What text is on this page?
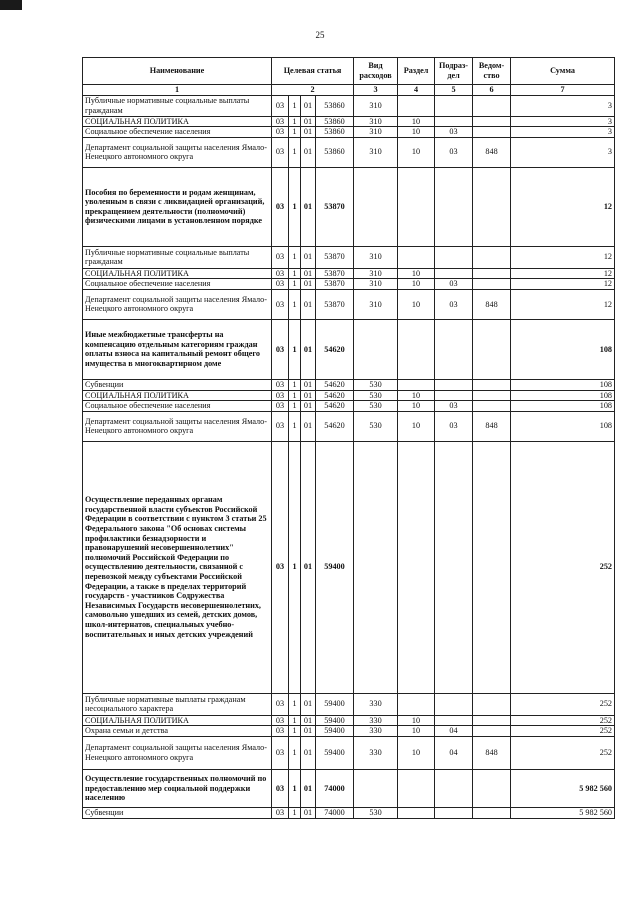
25
Наименование	Целевая статья				Вид расходов	Раздел	Подраз-дел	Ведом-ство	Сумма
1	2				3	4	5	6	7
Публичные нормативные социальные выплаты гражданам	03	1	01	53860	310				3
СОЦИАЛЬНАЯ ПОЛИТИКА	03	1	01	53860	310	10			3
Социальное обеспечение населения	03	1	01	53860	310	10	03		3
Департамент социальной защиты населения Ямало-Ненецкого автономного округа	03	1	01	53860	310	10	03	848	3
Пособия по беременности и родам женщинам, уволенным в связи с ликвидацией организаций, прекращением деятельности (полномочий) физическими лицами в установленном порядке	03	1	01	53870					12
Публичные нормативные социальные выплаты гражданам	03	1	01	53870	310				12
СОЦИАЛЬНАЯ ПОЛИТИКА	03	1	01	53870	310	10			12
Социальное обеспечение населения	03	1	01	53870	310	10	03		12
Департамент социальной защиты населения Ямало-Ненецкого автономного округа	03	1	01	53870	310	10	03	848	12
Иные межбюджетные трансферты на компенсацию отдельным категориям граждан оплаты взноса на капитальный ремонт общего имущества в многоквартирном доме	03	1	01	54620					108
Субвенции	03	1	01	54620	530				108
СОЦИАЛЬНАЯ ПОЛИТИКА	03	1	01	54620	530	10			108
Социальное обеспечение населения	03	1	01	54620	530	10	03		108
Департамент социальной защиты населения Ямало-Ненецкого автономного округа	03	1	01	54620	530	10	03	848	108
Осуществление переданных органам государственной власти субъектов Российской Федерации в соответствии с пунктом 3 статьи 25 Федерального закона "Об основах системы профилактики безнадзорности и правонарушений несовершеннолетних" полномочий Российской Федерации по осуществлению деятельности, связанной с перевозкой между субъектами Российской Федерации, а также в пределах территорий государств - участников Содружества Независимых Государств несовершеннолетних, самовольно ушедших из семей, детских домов, школ-интернатов, специальных учебно-воспитательных и иных детских учреждений	03	1	01	59400					252
Публичные нормативные выплаты гражданам несоциального характера	03	1	01	59400	330				252
СОЦИАЛЬНАЯ ПОЛИТИКА	03	1	01	59400	330	10			252
Охрана семьи и детства	03	1	01	59400	330	10	04		252
Департамент социальной защиты населения Ямало-Ненецкого автономного округа	03	1	01	59400	330	10	04	848	252
Осуществление государственных полномочий по предоставлению мер социальной поддержки населению	03	1	01	74000					5 982 560
Субвенции	03	1	01	74000	530				5 982 560
